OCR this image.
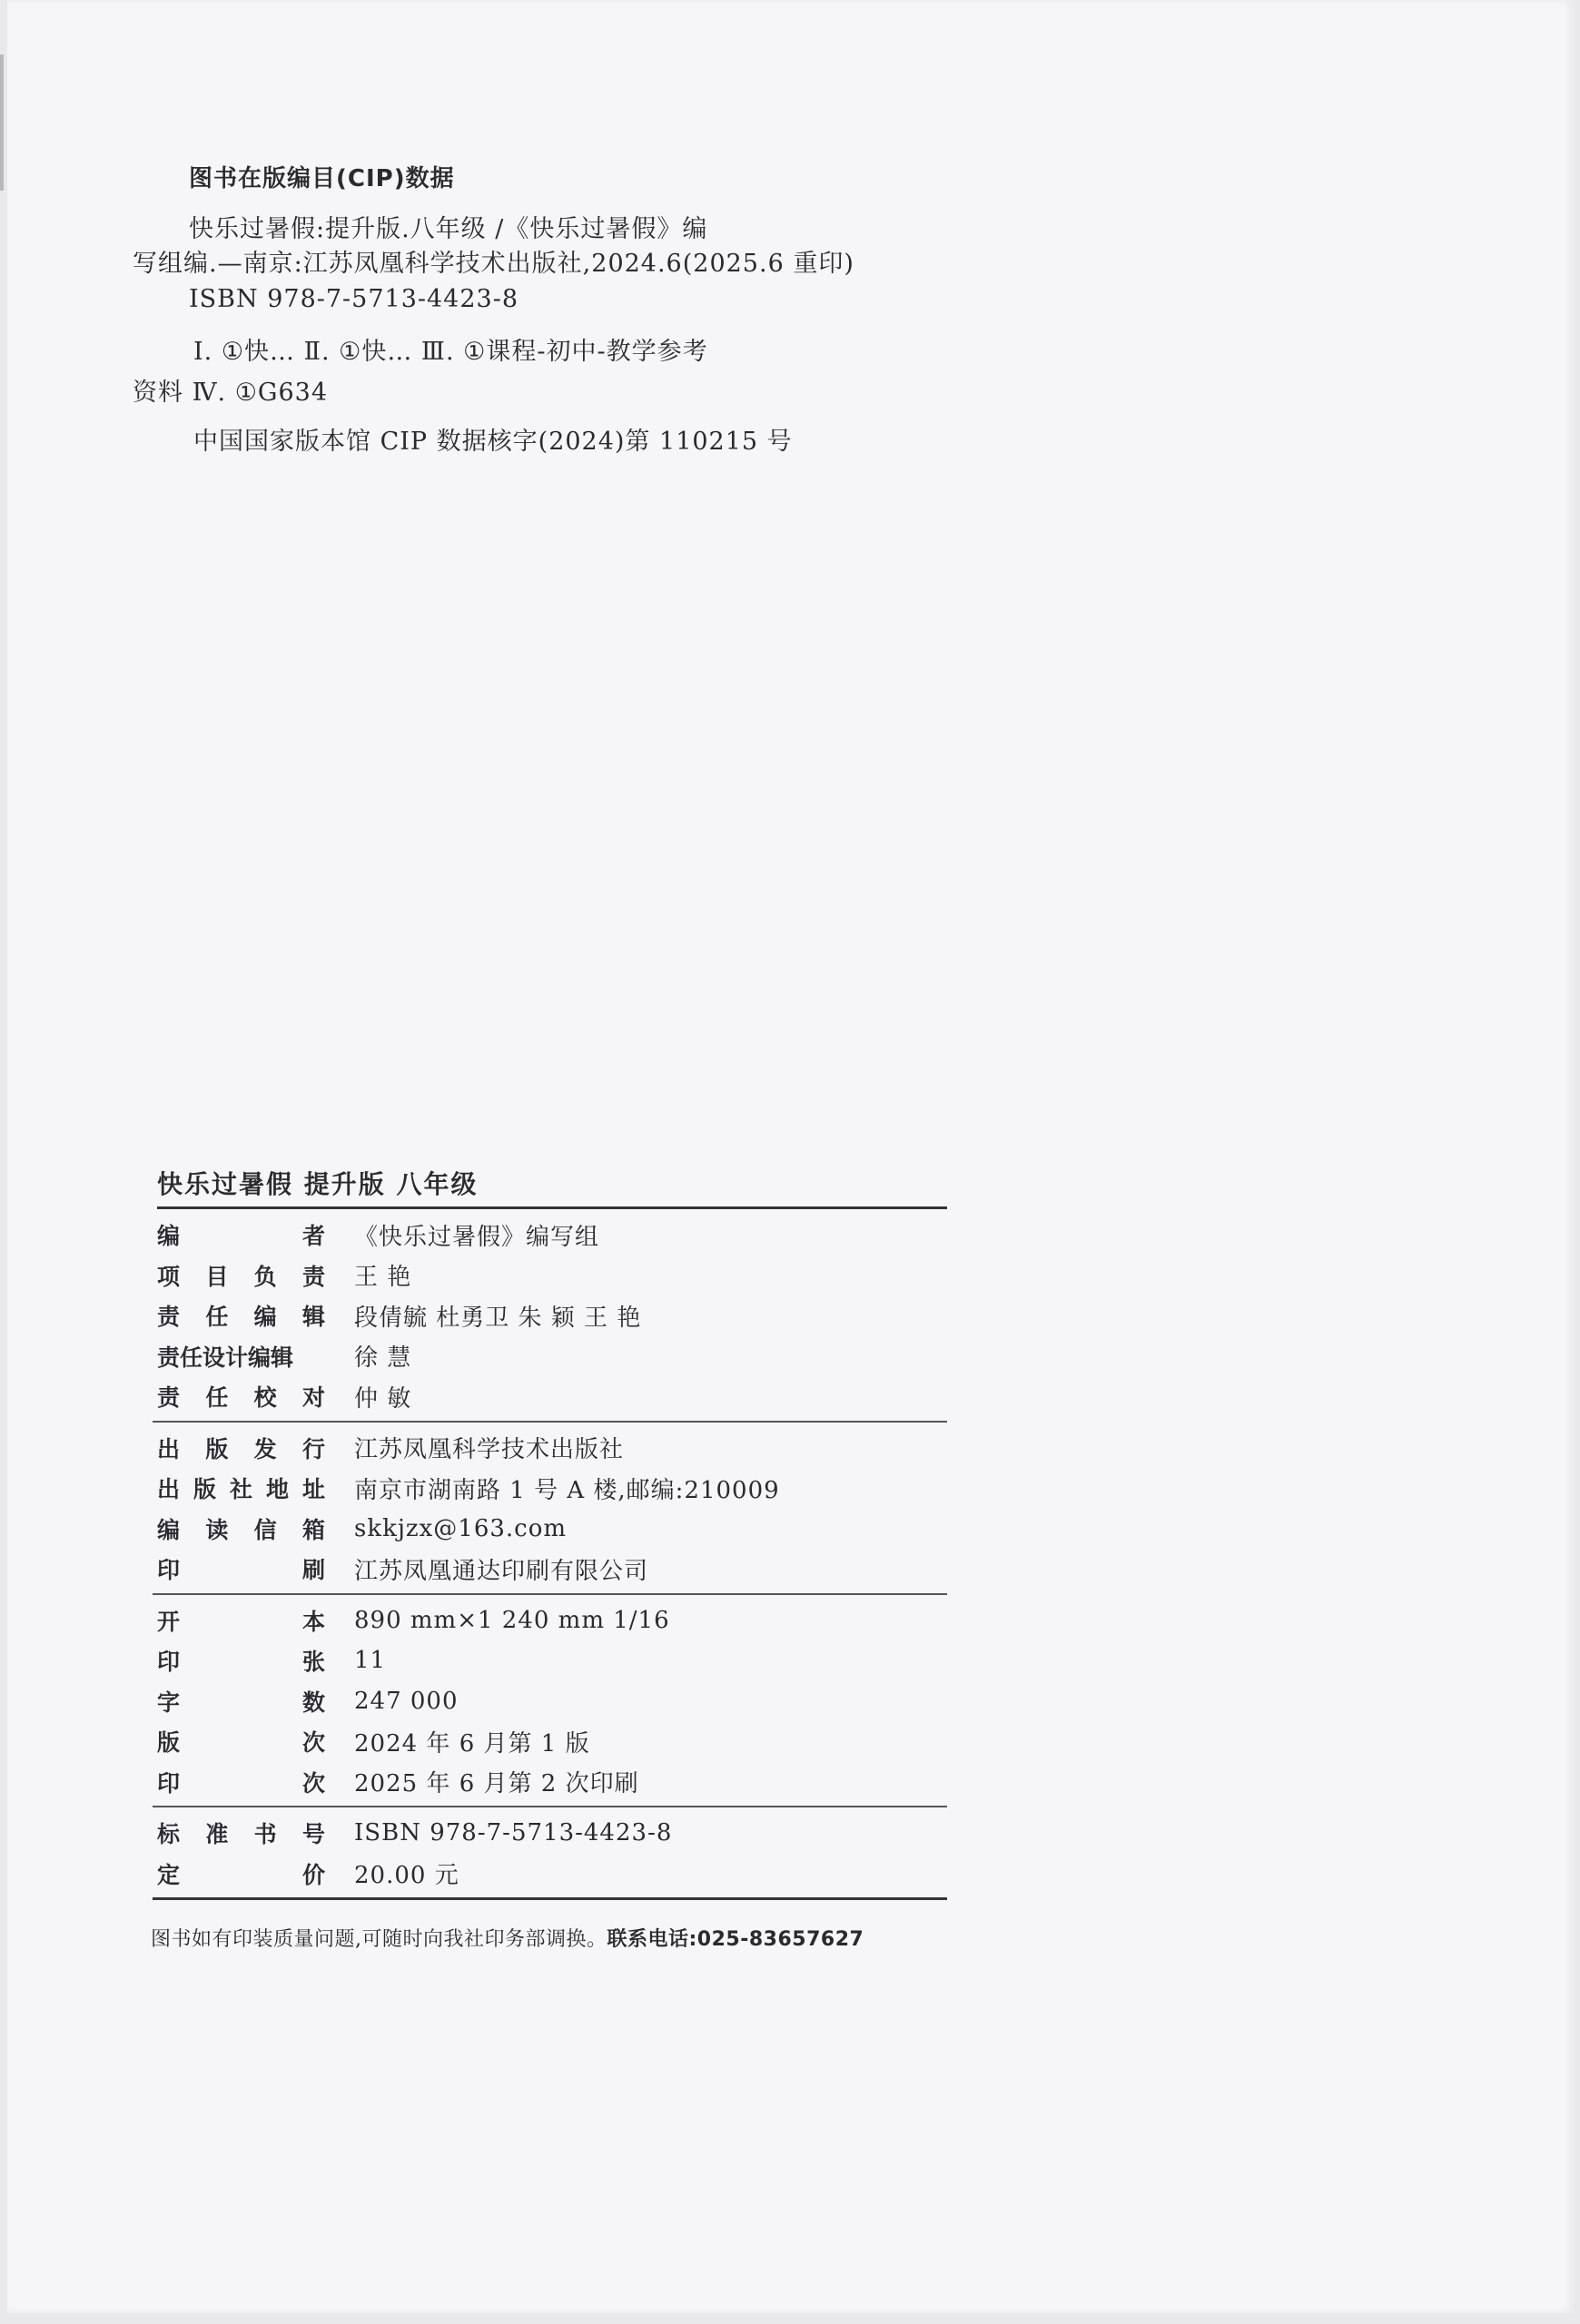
图书在版编目(CIP)数据
快乐过暑假:提升版.八年级 /《快乐过暑假》编
写组编.—南京:江苏凤凰科学技术出版社,2024.6(2025.6 重印)
ISBN 978-7-5713-4423-8
Ⅰ. ①快… Ⅱ. ①快… Ⅲ. ①课程-初中-教学参考
资料 Ⅳ. ①G634
中国国家版本馆 CIP 数据核字(2024)第 110215 号
快乐过暑假 提升版 八年级
编	者 《快乐过暑假》编写组
项 目 负 责 王 艳
责 任 编 辑 段倩毓 杜勇卫 朱 颖 王 艳
责任设计编辑	徐 慧
责 任 校 对 仲 敏
出 版 发 行 江苏凤凰科学技术出版社
出 版 社 地 址 南京市湖南路 1 号 A 楼,邮编:210009
编 读 信 箱 skkjzx@163.com
印	刷 江苏凤凰通达印刷有限公司
开	本 890 mm×1 240 mm 1/16
印	张 11
字	数 247 000
版	次 2024 年 6 月第 1 版
印	次 2025 年 6 月第 2 次印刷
标 准 书 号 ISBN 978-7-5713-4423-8
定	价 20.00 元
图书如有印装质量问题,可随时向我社印务部调换。联系电话:025-83657627
